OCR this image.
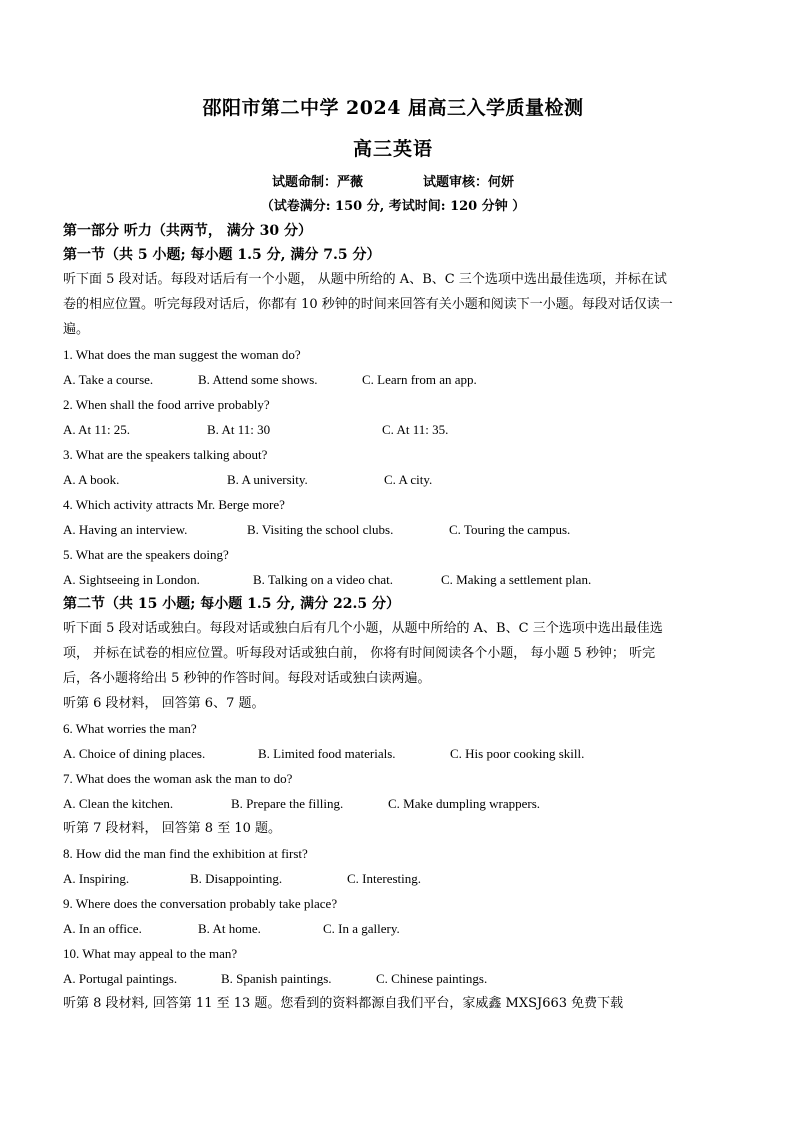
邵阳市第二中学 2024 届高三入学质量检测
高三英语
试题命制：严薇	试题审核：何妍
（试卷满分: 150 分, 考试时间: 120 分钟 ）
第一部分 听力（共两节， 满分 30 分）
第一节（共 5 小题; 每小题 1.5 分, 满分 7.5 分）
听下面 5 段对话。每段对话后有一个小题， 从题中所给的 A、B、C 三个选项中选出最佳选项，并标在试
卷的相应位置。听完每段对话后，你都有 10 秒钟的时间来回答有关小题和阅读下一小题。每段对话仅读一
遍。
1. What does the man suggest the woman do?
A. Take a course.	B. Attend some shows.	C. Learn from an app.
2. When shall the food arrive probably?
A. At 11: 25.	B. At 11: 30	C. At 11: 35.
3. What are the speakers talking about?
A. A book.	B. A university.	C. A city.
4. Which activity attracts Mr. Berge more?
A. Having an interview.	B. Visiting the school clubs.	C. Touring the campus.
5. What are the speakers doing?
A. Sightseeing in London.	B. Talking on a video chat.	C. Making a settlement plan.
第二节（共 15 小题; 每小题 1.5 分, 满分 22.5 分）
听下面 5 段对话或独白。每段对话或独白后有几个小题，从题中所给的 A、B、C 三个选项中选出最佳选
项， 并标在试卷的相应位置。听每段对话或独白前， 你将有时间阅读各个小题， 每小题 5 秒钟； 听完
后，各小题将给出 5 秒钟的作答时间。每段对话或独白读两遍。
听第 6 段材料， 回答第 6、7 题。
6. What worries the man?
A. Choice of dining places.	B. Limited food materials.	C. His poor cooking skill.
7. What does the woman ask the man to do?
A. Clean the kitchen.	B. Prepare the filling.	C. Make dumpling wrappers.
听第 7 段材料， 回答第 8 至 10 题。
8. How did the man find the exhibition at first?
A. Inspiring.	B. Disappointing.	C. Interesting.
9. Where does the conversation probably take place?
A. In an office.	B. At home.	C. In a gallery.
10. What may appeal to the man?
A. Portugal paintings.	B. Spanish paintings.	C. Chinese paintings.
听第 8 段材料, 回答第 11 至 13 题。您看到的资料都源自我们平台，家威鑫 MXSJ663 免费下载
